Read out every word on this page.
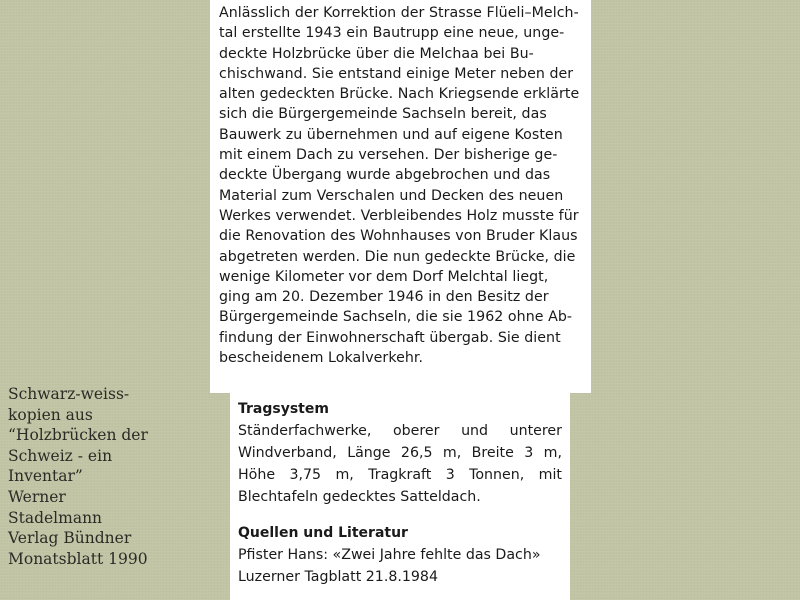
Anlässlich der Korrektion der Strasse Flüeli–Melch-
tal erstellte 1943 ein Bautrupp eine neue, unge-
deckte Holzbrücke über die Melchaa bei Bu-
chischwand. Sie entstand einige Meter neben der
alten gedeckten Brücke. Nach Kriegsende erklärte
sich die Bürgergemeinde Sachseln bereit, das
Bauwerk zu übernehmen und auf eigene Kosten
mit einem Dach zu versehen. Der bisherige ge-
deckte Übergang wurde abgebrochen und das
Material zum Verschalen und Decken des neuen
Werkes verwendet. Verbleibendes Holz musste für
die Renovation des Wohnhauses von Bruder Klaus
abgetreten werden. Die nun gedeckte Brücke, die
wenige Kilometer vor dem Dorf Melchtal liegt,
ging am 20. Dezember 1946 in den Besitz der
Bürgergemeinde Sachseln, die sie 1962 ohne Ab-
findung der Einwohnerschaft übergab. Sie dient
bescheidenem Lokalverkehr.
Tragsystem
Ständerfachwerke, oberer und unterer
Windverband, Länge 26,5 m, Breite 3 m,
Höhe 3,75 m, Tragkraft 3 Tonnen, mit
Blechtafeln gedecktes Satteldach.
Quellen und Literatur
Pfister Hans: «Zwei Jahre fehlte das Dach»
Luzerner Tagblatt 21.8.1984
Schwarz-weiss-
kopien aus
“Holzbrücken der
Schweiz - ein
Inventar”
Werner
Stadelmann
Verlag Bündner
Monatsblatt 1990
